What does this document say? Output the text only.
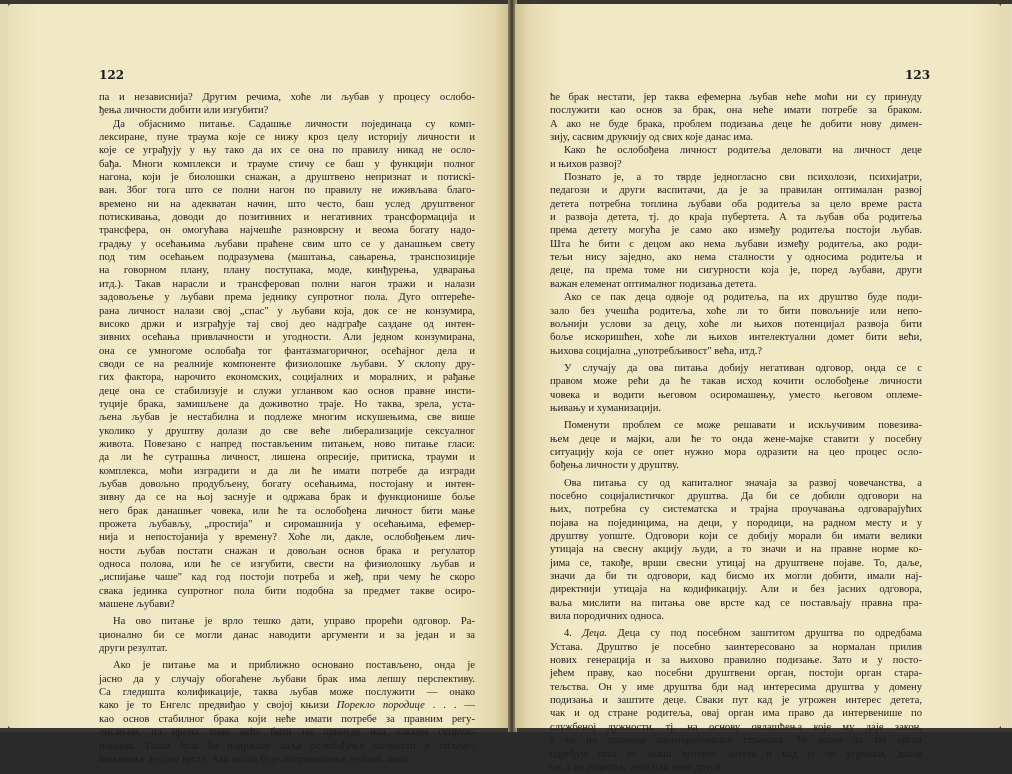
122

па и независнија? Другим речима, хоће ли љубав у процесу ослобо-
ђења личности добити или изгубити?

Да објаснимо питање. Садашње личности појединаца су комп-
лексиране, пуне траума које се нижу кроз целу историју личности и
које се уграђују у њу тако да их се она по правилу никад не осло-
бађа. Многи комплекси и трауме стичу се баш у функцији полног
нагона, који је биолошки снажан, а друштвено непризнат и потискi-
ван. Због тога што се полни нагон по правилу не иживљава благо-
времено ни на адекватан начин, што често, баш услед друштвеног
потискивања, доводи до позитивних и негативних трансформација и
трансфера, он омогућава најчешће разноврсну и веома богату надо-
градњу у осећањима љубави праћене свим што се у данашњем свету
под тим осећањем подразумева (маштања, сањарења, транспозиције
на говорном плану, плану поступака, моде, кинђурења, удварања
итд.). Такав нарасли и трансфероваn полни нагон тражи и налази
задовољење у љубави према једнику супротног пола. Дуго оптереће-
рана личност налази свој „спас" у љубави која, док се не конзумира,
високо држи и изграђује тај свој део надграђе саздане од интен-
зивних осећања привлачности и угодности. Али једном конзумирана,
она се умногоме ослобађа тог фантазмагоричног, осећајног дела и
своди се на реалније компоненте физиолошке љубави. У склопу дру-
гих фактора, нарочито економских, социјалних и моралних, и рађање
деце она се стабилизује и служи угланвом као основ правне инсти-
туције брака, замишљене да доживотно траје. Но таква, зрела, уста-
љена љубав је нестабилна и подлеже многим искушењима, све више
уколико у друштву долази до све веће либерализације сексуалног
живота. Повезано с напред постављеним питањем, ново питање гласи:
да ли ће сутрашња личност, лишена опресије, притиска, трауми и
комплекса, моћи изградити и да ли ће имати потребе да изгради
љубав довољно продубљену, богату осећањима, постојану и интен-
зивну да се на њој заснује и одржава брак и функционише боље
него брак данашњег човека, или ће та ослобођена личност бити мање
прожета љубављу, „простија" и сиромашнија у осећањима, ефемер-
нија и непостојанија у времену? Хоће ли, дакле, ослобођењем лич-
ности љубав постати снажан и довољан основ брака и регулатор
односа полова, или ће се изгубити, свести на физиолошку љубав и
„испијање чаше" кад год постоји потреба и жеђ, при чему ће скоро
свака јединка супротног пола бити подобна за предмет такве осиро-
машене љубави?

На ово питање је врло тешко дати, управо прорећи одговор. Ра-
ционално би се могли данас наводити аргументи и за један и за
други резултат.

Ако је питање ма и приближно основано постављено, онда је
јасно да у случају обогаћене љубави брак има лепшу перспективу.
Са гледишта колификације, таква љубав може послужити — онако
како је то Енгелс предвиђао у својој књизи Порекло породице . . . —
као основ стабилног брака који неће имати потребе за правним регу-
лисањем, па према томе неће бити ни принуде над таквим супруж-
ницима. Такав брак ће подржати даље ослобођење личности и оплеме-
мењавање људске врсте. Ако исход буде осиромашење љубави, онда

123

ће брак нестати, јер таква ефемерна љубав неће моћи ни су принуду
послужити као основ за брак, она неће имати потребе за браком.
А ако не буде брака, проблем подизања деце ће добити нову димен-
зију, сасвим друкчију од свих које данас има.

Како ће ослобођена личност родитеља деловати на личност деце
и њихов развој?

Познато је, а то тврде једногласно сви психолози, психијатри,
педагози и други васпитачи, да је за правилан оптималан развој
детета потребна топлина љубави оба родитеља за цело време раста
и развоја детета, тј. до краја пубертета. А та љубав оба родитеља
према детету могућа је само ако између родитеља постоји љубав.
Шта ће бити с децом ако нема љубави између родитеља, ако роди-
тељи нису заједно, ако нема сталности у односима родитеља и
деце, па према томе ни сигурности која је, поред љубави, други
важан елеменат оптималног подизања детета.

Ако се пак деца одвоје од родитеља, па их друштво буде поди-
зало без учешћа родитеља, хоће ли то бити повољније или непо-
вољнији услови за децу, хоће ли њихов потенцијал развоја бити
боље искоришћен, хоће ли њихов интелектуални домет бити већи,
њихова социјална „употребљивост" већа, итд.?

У случају да ова питања добију негативан одговор, онда се с
правом може рећи да ће такав исход кочити ослобођење личности
човека и водити његовом осиромашењу, уместо његовом оплеме-
њивању и хуманизацији.

Поменути проблем се може решавати и искључивим повезива-
њем деце и мајки, али ће то онда жене-мајке ставити у посебну
ситуацију која се опет нужно мора одразити на цео процес осло-
бођења личности у друштву.

Ова питања су од капиталног значаја за развој човечанства, а
посебно социјалистичког друштва. Да би се добили одговори на
њих, потребна су систематска и трајна проучавања одговарајућих
појава на појединцима, на деци, у породици, на радном месту и у
друштву уопште. Одговори који се добију морали би имати велики
утицаја на свесну акцију људи, а то значи и на правне норме ко-
јима се, такође, врши свесни утицај на друштвене појаве. То, даље,
значи да би ти одговори, кад бисмо их могли добити, имали нај-
директнији утицаја на кодификацију. Али и без јасних одговора,
ваља мислити на питања ове врсте кад се постављају правна пра-
вила породичних односа.

4. Деца. Деца су под посебном заштитом друштва по одредбама
Устава. Друштво је посебно заинтересовано за нормалан прилив
нових генерација и за њихово правилно подизање. Зато и у посто-
јећем праву, као посебни друштвени орган, постоји орган стара-
тељства. Он у име друштва бди над интересима друштва у домену
подизања и заштите деце. Сваки пут кад је угрожен интерес детета,
чак и од стране родитеља, овај орган има право да интервенише по
службеној дужности, тј. на основу овлашћења које му даје закон,
а не на тражење заинтересованих странака. То значи да тај орган
одређује шта то значи интерес детета и кад је он угрожен, дакле
он, а не родитељ, дете или неко други.
